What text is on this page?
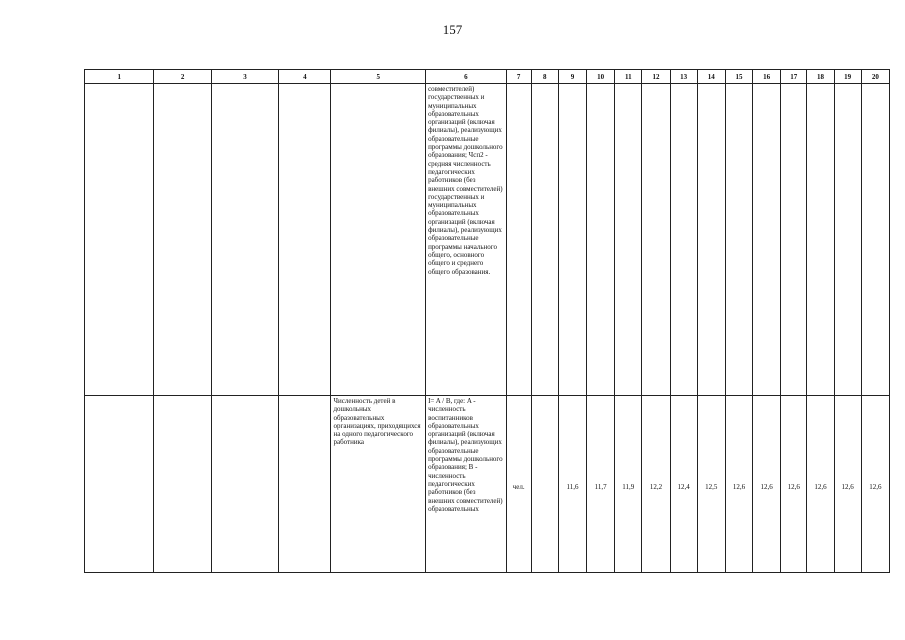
157
1	2	3	4	5	6	7	8	9	10	11	12	13	14	15	16	17	18	19	20

					совместителей) государственных и муниципальных образовательных организаций (включая филиалы), реализующих образовательные программы дошкольного образования; Чсп2 - средняя численность педагогических работников (без внешних совместителей) государственных и муниципальных образовательных организаций (включая филиалы), реализующих образовательные программы начального общего, основного общего и среднего общего образования.														

				Численность детей в дошкольных образовательных организациях, приходящихся на одного педагогического работника	I= A / B, где: A - численность воспитанников образовательных организаций (включая филиалы), реализующих образовательные программы дошкольного образования; B - численность педагогических работников (без внешних совместителей) образовательных	чел.		11,6	11,7	11,9	12,2	12,4	12,5	12,6	12,6	12,6	12,6	12,6	12,6
